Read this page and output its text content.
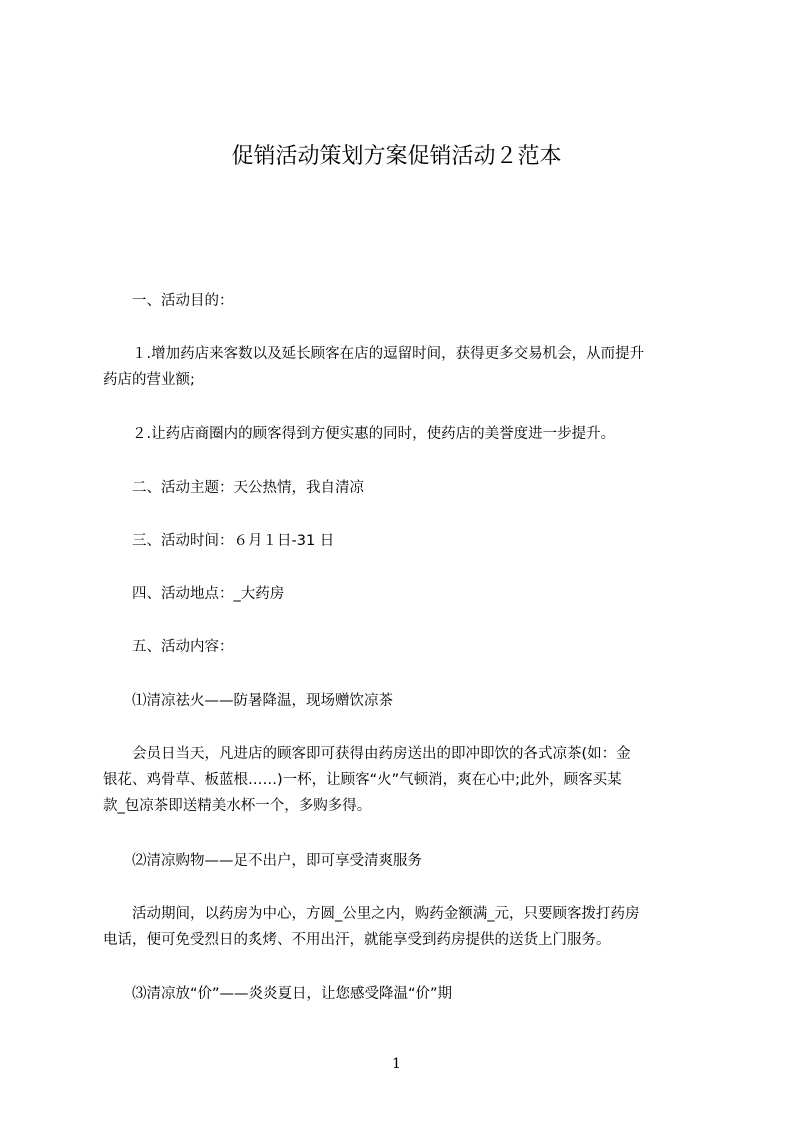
促销活动策划方案促销活动２范本

　　一、活动目的：

　　１.增加药店来客数以及延长顾客在店的逗留时间，获得更多交易机会，从而提升
药店的营业额;

　　２.让药店商圈内的顾客得到方便实惠的同时，使药店的美誉度进一步提升。

　　二、活动主题：天公热情，我自清凉

　　三、活动时间：６月１日-31 日

　　四、活动地点：_大药房

　　五、活动内容：

　　⑴清凉祛火——防暑降温，现场赠饮凉茶

　　会员日当天，凡进店的顾客即可获得由药房送出的即冲即饮的各式凉茶(如：金
银花、鸡骨草、板蓝根……)一杯，让顾客“火”气顿消，爽在心中;此外，顾客买某
款_包凉茶即送精美水杯一个，多购多得。

　　⑵清凉购物——足不出户，即可享受清爽服务

　　活动期间，以药房为中心，方圆_公里之内，购药金额满_元，只要顾客拨打药房
电话，便可免受烈日的炙烤、不用出汗，就能享受到药房提供的送货上门服务。

　　⑶清凉放“价”——炎炎夏日，让您感受降温“价”期

1
